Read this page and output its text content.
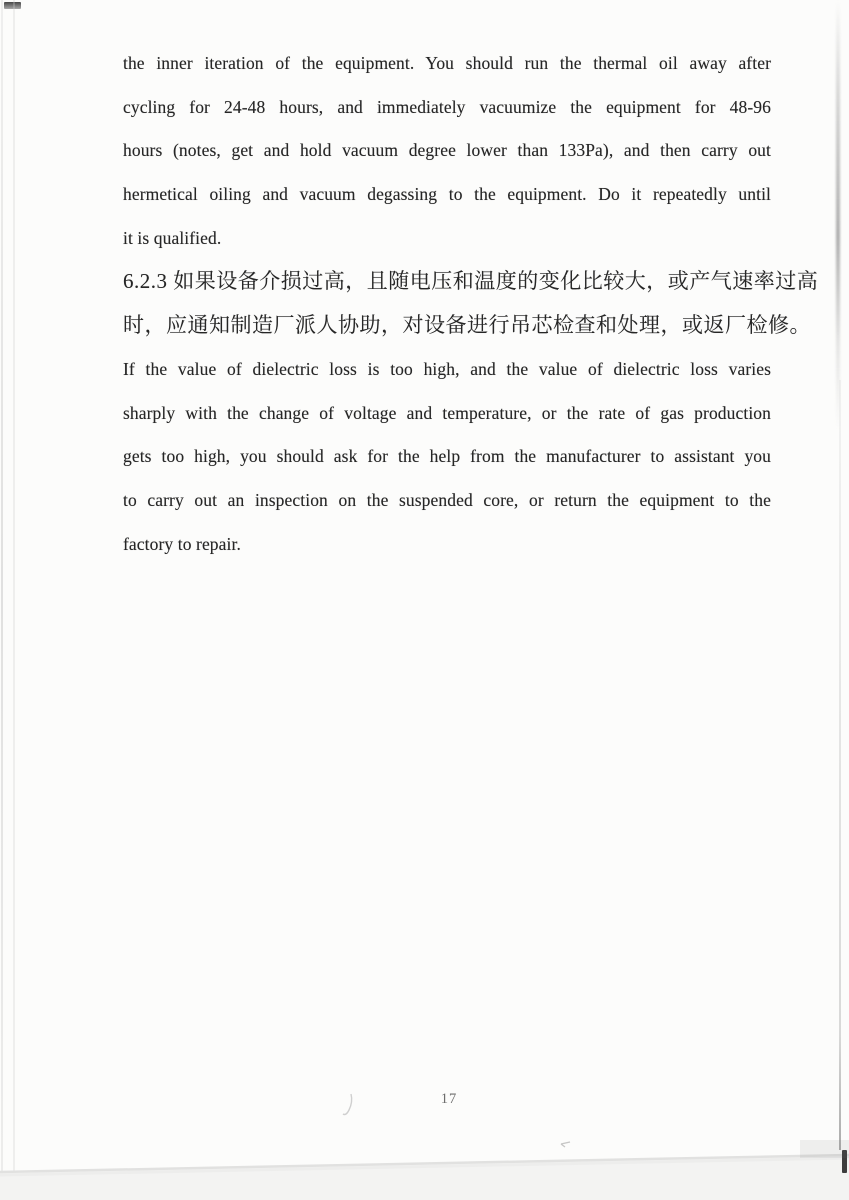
the inner iteration of the equipment. You should run the thermal oil away after
cycling for 24-48 hours, and immediately vacuumize the equipment for 48-96
hours (notes, get and hold vacuum degree lower than 133Pa), and then carry out
hermetical oiling and vacuum degassing to the equipment. Do it repeatedly until
it is qualified.
6.2.3 如果设备介损过高，且随电压和温度的变化比较大，或产气速率过高
时，应通知制造厂派人协助，对设备进行吊芯检查和处理，或返厂检修。
If the value of dielectric loss is too high, and the value of dielectric loss varies
sharply with the change of voltage and temperature, or the rate of gas production
gets too high, you should ask for the help from the manufacturer to assistant you
to carry out an inspection on the suspended core, or return the equipment to the
factory to repair.
17
